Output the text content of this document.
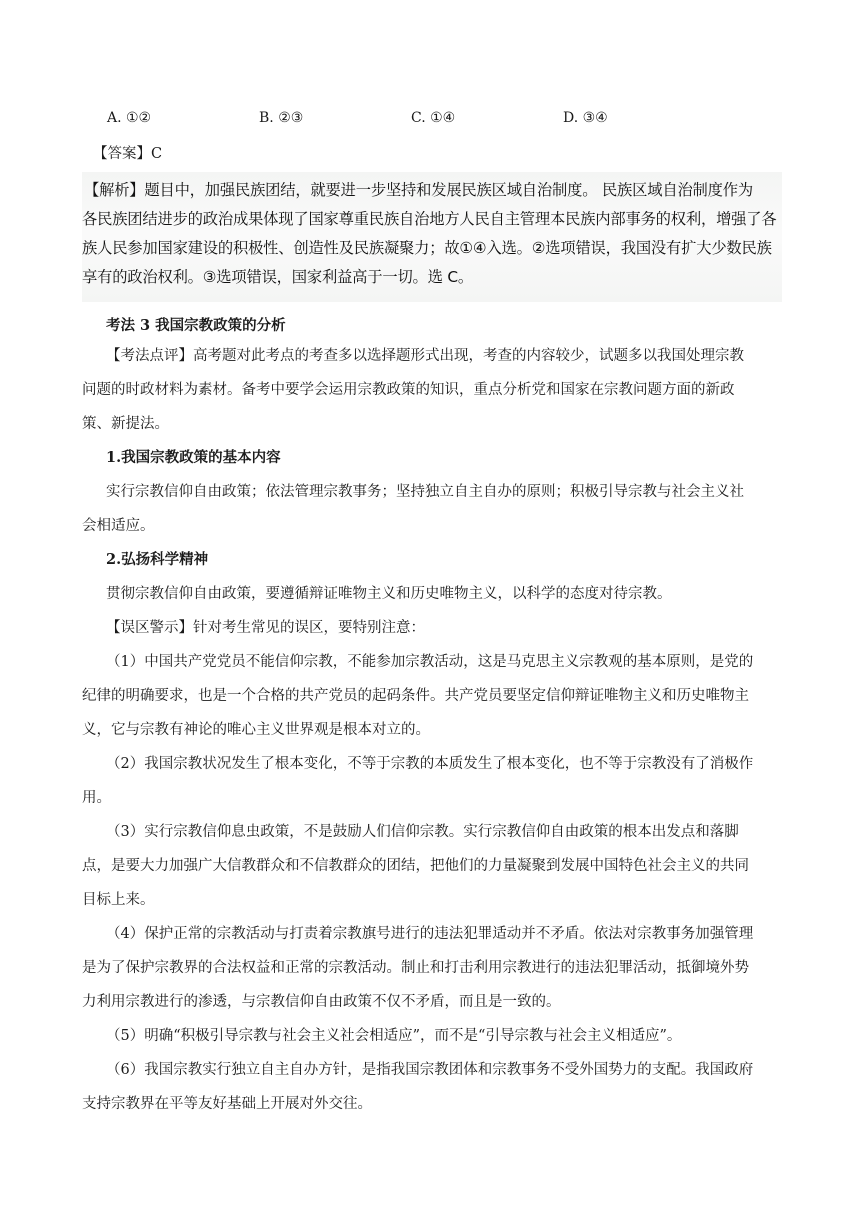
A. ①②	B. ②③	C. ①④	D. ③④
【答案】C
【解析】题目中，加强民族团结，就要进一步坚持和发展民族区域自治制度。 民族区域自治制度作为
各民族团结进步的政治成果体现了国家尊重民族自治地方人民自主管理本民族内部事务的权利，增强了各
族人民参加国家建设的积极性、创造性及民族凝聚力；故①④入选。②选项错误，我国没有扩大少数民族
享有的政治权利。③选项错误，国家利益高于一切。选 C。
考法 3 我国宗教政策的分析
【考法点评】高考题对此考点的考查多以选择题形式出现，考查的内容较少，试题多以我国处理宗教
问题的时政材料为素材。备考中要学会运用宗教政策的知识，重点分析党和国家在宗教问题方面的新政
策、新提法。
1.我国宗教政策的基本内容
实行宗教信仰自由政策；依法管理宗教事务；坚持独立自主自办的原则；积极引导宗教与社会主义社
会相适应。
2.弘扬科学精神
贯彻宗教信仰自由政策，要遵循辩证唯物主义和历史唯物主义，以科学的态度对待宗教。
【误区警示】针对考生常见的误区，要特别注意：
（1）中国共产党党员不能信仰宗教，不能参加宗教活动，这是马克思主义宗教观的基本原则，是党的
纪律的明确要求，也是一个合格的共产党员的起码条件。共产党员要坚定信仰辩证唯物主义和历史唯物主
义，它与宗教有神论的唯心主义世界观是根本对立的。
（2）我国宗教状况发生了根本变化，不等于宗教的本质发生了根本变化，也不等于宗教没有了消极作
用。
（3）实行宗教信仰息虫政策，不是鼓励人们信仰宗教。实行宗教信仰自由政策的根本出发点和落脚
点，是要大力加强广大信教群众和不信教群众的团结，把他们的力量凝聚到发展中国特色社会主义的共同
目标上来。
（4）保护正常的宗教活动与打责着宗教旗号进行的违法犯罪适动并不矛盾。依法对宗教事务加强管理
是为了保护宗教界的合法权益和正常的宗教活动。制止和打击利用宗教进行的违法犯罪活动，抵御境外势
力利用宗教进行的渗透，与宗教信仰自由政策不仅不矛盾，而且是一致的。
（5）明确“积极引导宗教与社会主义社会相适应”，而不是“引导宗教与社会主义相适应”。
（6）我国宗教实行独立自主自办方针，是指我国宗教团体和宗教事务不受外国势力的支配。我国政府
支持宗教界在平等友好基础上开展对外交往。
